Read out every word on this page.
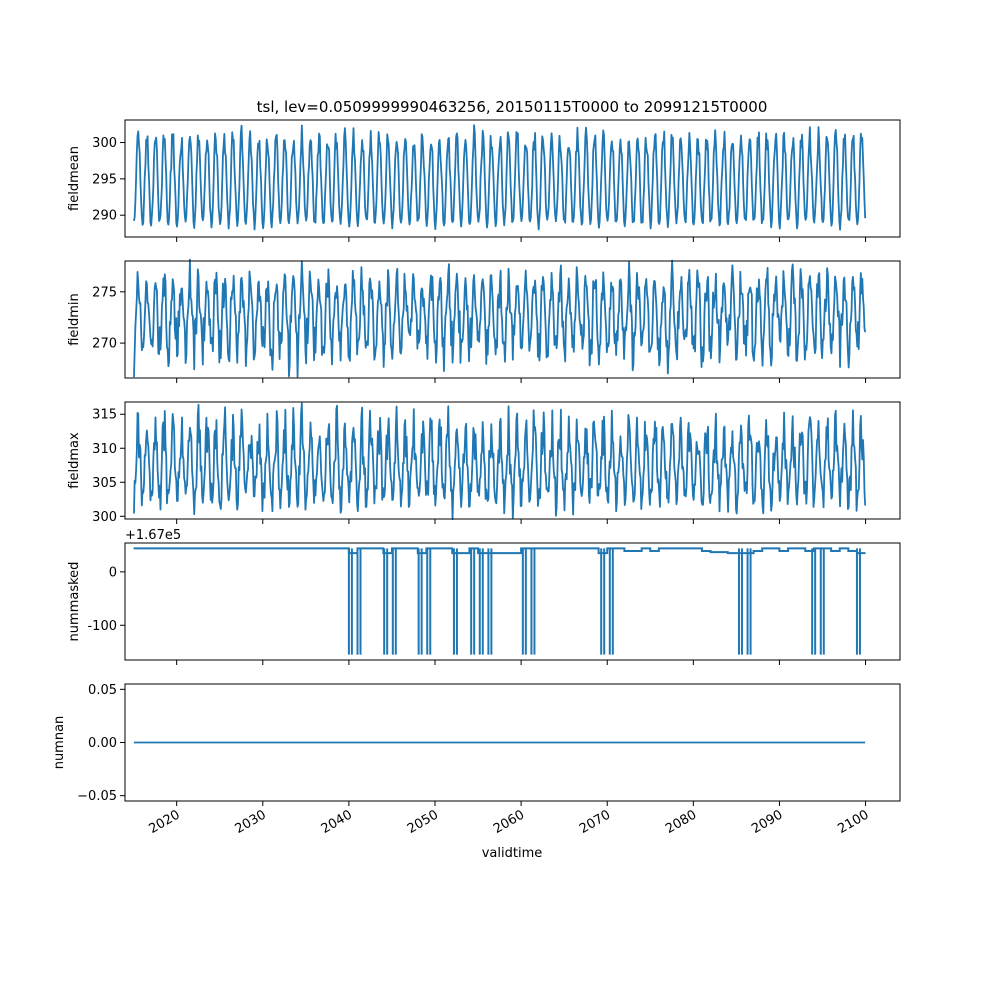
tsl, lev=0.0509999990463256, 20150115T0000 to 20991215T0000
290
295
300
fieldmean
270
275
fieldmin
300
305
310
315
fieldmax
-100
0
nummasked
+1.67e5
−0.05
0.00
0.05
numnan
2020	2030	2040	2050	2060	2070	2080	2090	2100
validtime
